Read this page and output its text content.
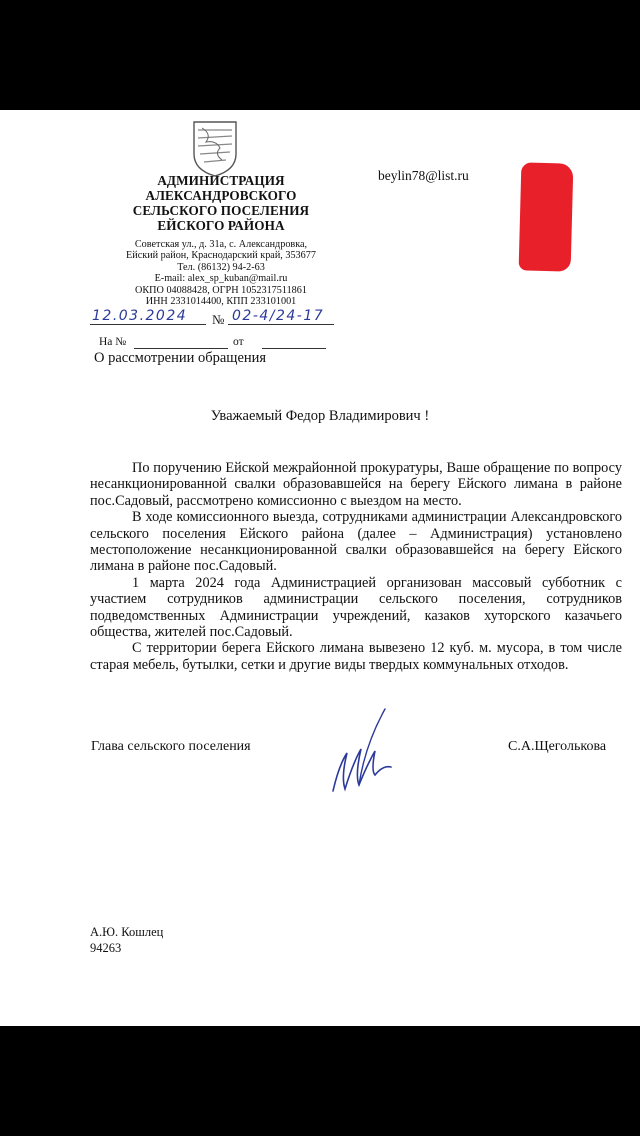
АДМИНИСТРАЦИЯ

АЛЕКСАНДРОВСКОГО

СЕЛЬСКОГО ПОСЕЛЕНИЯ

ЕЙСКОГО РАЙОНА

Советская ул., д. 31а, с. Александровка,

Ейский район, Краснодарский край, 353677

Тел. (86132) 94-2-63

E-mail: alex_sp_kuban@mail.ru

ОКПО 04088428, ОГРН 1052317511861

ИНН 2331014400, КПП 233101001

beylin78@list.ru
12.03.2024 № 02-4/24-17
На №	от
О рассмотрении обращения
Уважаемый Федор Владимирович !

По поручению Ейской межрайонной прокуратуры, Ваше обращение по вопросу несанкционированной свалки образовавшейся на берегу Ейского лимана в районе пос.Садовый, рассмотрено комиссионно с выездом на место.

В ходе комиссионного выезда, сотрудниками администрации Александровского сельского поселения Ейского района (далее – Администрация) установлено местоположение несанкционированной свалки образовавшейся на берегу Ейского лимана в районе пос.Садовый.

1 марта 2024 года Администрацией организован массовый субботник с участием сотрудников администрации сельского поселения, сотрудников подведомственных Администрации учреждений, казаков хуторского казачьего общества, жителей пос.Садовый.

С территории берега Ейского лимана вывезено 12 куб. м. мусора, в том числе старая мебель, бутылки, сетки и другие виды твердых коммунальных отходов.

Глава сельского поселения	С.А.Щеголькова
А.Ю. Кошлец
94263
